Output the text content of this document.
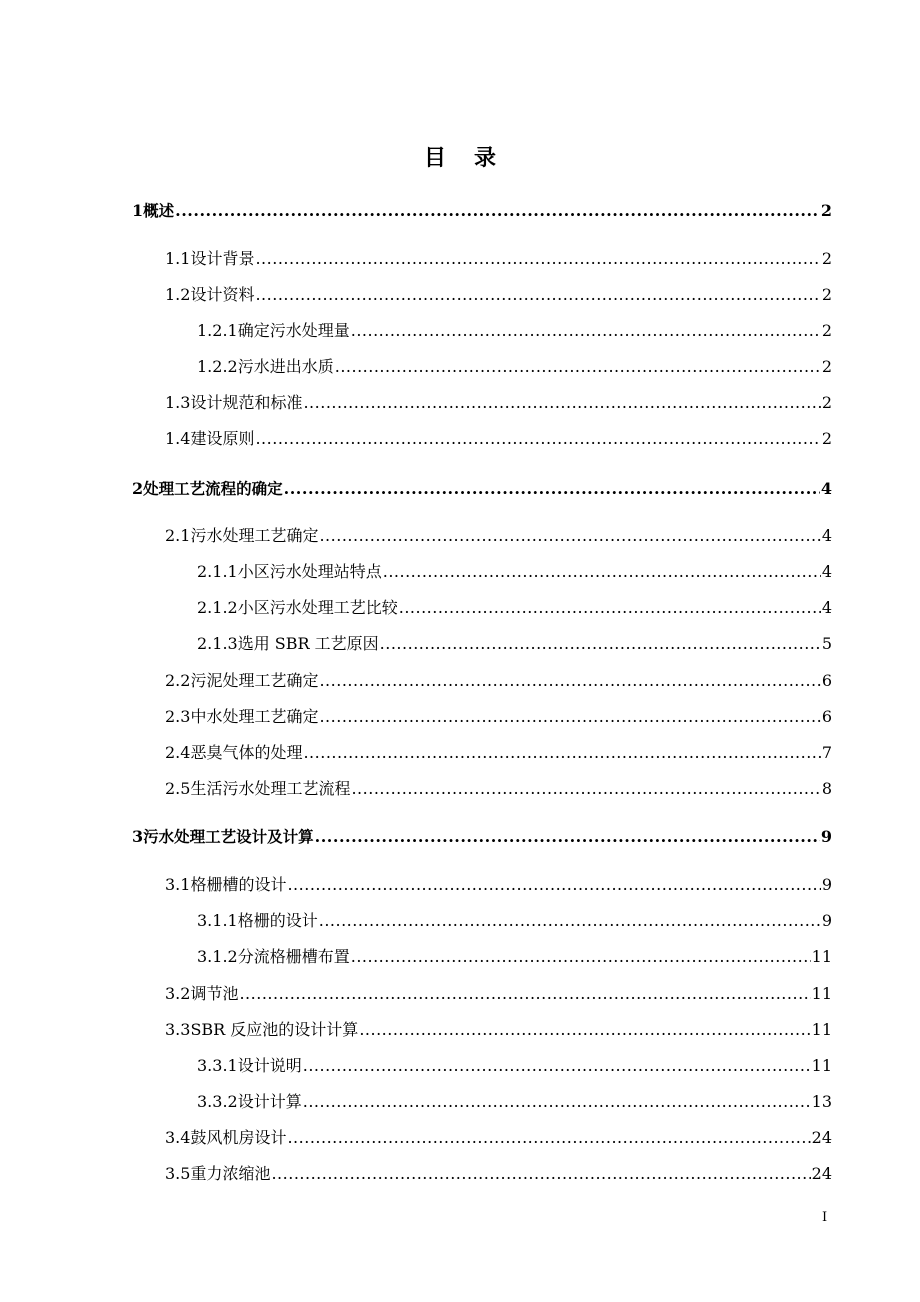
目 录
1 概述 .....	2
1.1 设计背景 .....	2
1.2 设计资料 .....	2
1.2.1 确定污水处理量 .....	2
1.2.2 污水进出水质 .....	2
1.3 设计规范和标准 .....	2
1.4 建设原则 .....	2
2 处理工艺流程的确定 .....	4
2.1 污水处理工艺确定 .....	4
2.1.1 小区污水处理站特点 .....	4
2.1.2 小区污水处理工艺比较 .....	4
2.1.3 选用 SBR 工艺原因 .....	5
2.2 污泥处理工艺确定 .....	6
2.3 中水处理工艺确定 .....	6
2.4 恶臭气体的处理 .....	7
2.5 生活污水处理工艺流程 .....	8
3 污水处理工艺设计及计算 .....	9
3.1 格栅槽的设计 .....	9
3.1.1 格栅的设计 .....	9
3.1.2 分流格栅槽布置 .....	11
3.2 调节池 .....	11
3.3 SBR 反应池的设计计算 .....	11
3.3.1 设计说明 .....	11
3.3.2 设计计算 .....	13
3.4 鼓风机房设计 .....	24
3.5 重力浓缩池 .....	24
I
